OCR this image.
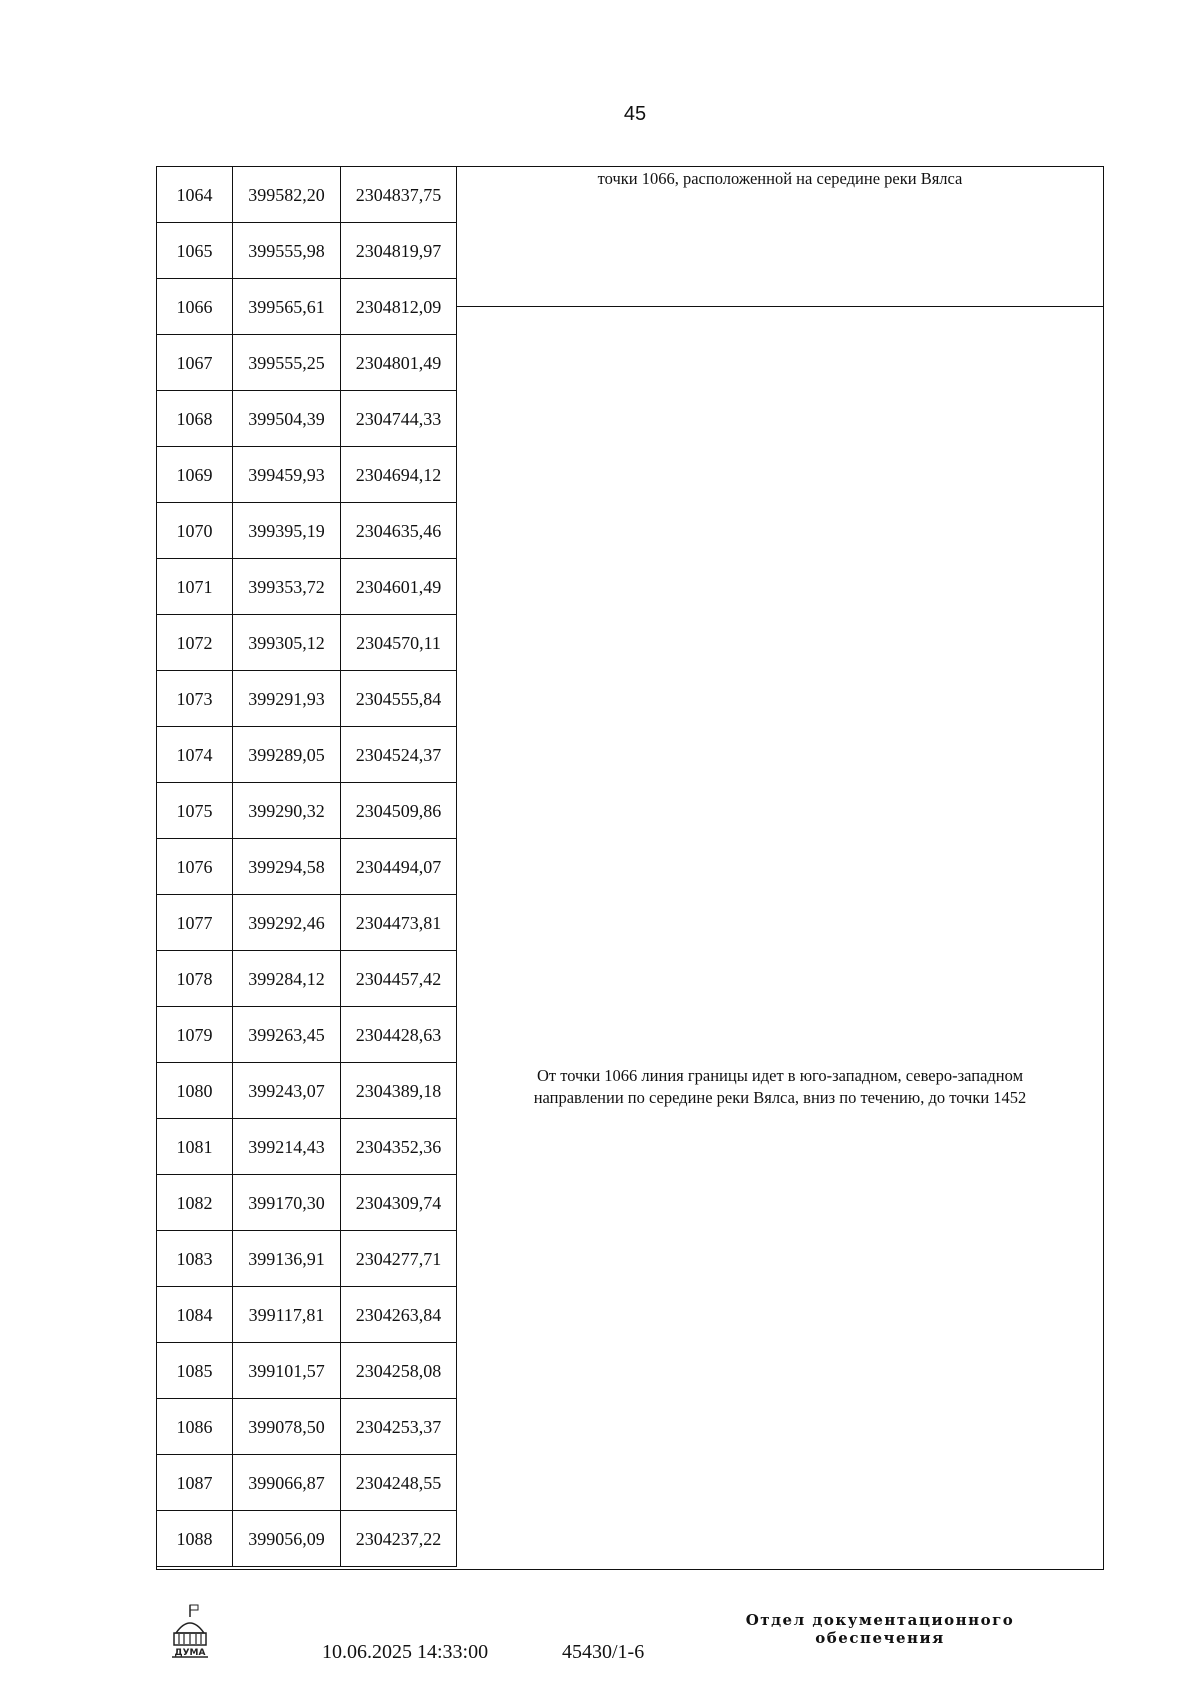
45
1064	399582,20	2304837,75
1065	399555,98	2304819,97
1066	399565,61	2304812,09
1067	399555,25	2304801,49
1068	399504,39	2304744,33
1069	399459,93	2304694,12
1070	399395,19	2304635,46
1071	399353,72	2304601,49
1072	399305,12	2304570,11
1073	399291,93	2304555,84
1074	399289,05	2304524,37
1075	399290,32	2304509,86
1076	399294,58	2304494,07
1077	399292,46	2304473,81
1078	399284,12	2304457,42
1079	399263,45	2304428,63
1080	399243,07	2304389,18
1081	399214,43	2304352,36
1082	399170,30	2304309,74
1083	399136,91	2304277,71
1084	399117,81	2304263,84
1085	399101,57	2304258,08
1086	399078,50	2304253,37
1087	399066,87	2304248,55
1088	399056,09	2304237,22
точки 1066, расположенной на середине реки Вялса
От точки 1066 линия границы идет в юго-западном, северо-западном
направлении по середине реки Вялса, вниз по течению, до точки 1452
ДУМА	10.06.2025 14:33:00	45430/1-6
Отдел документационного
обеспечения
